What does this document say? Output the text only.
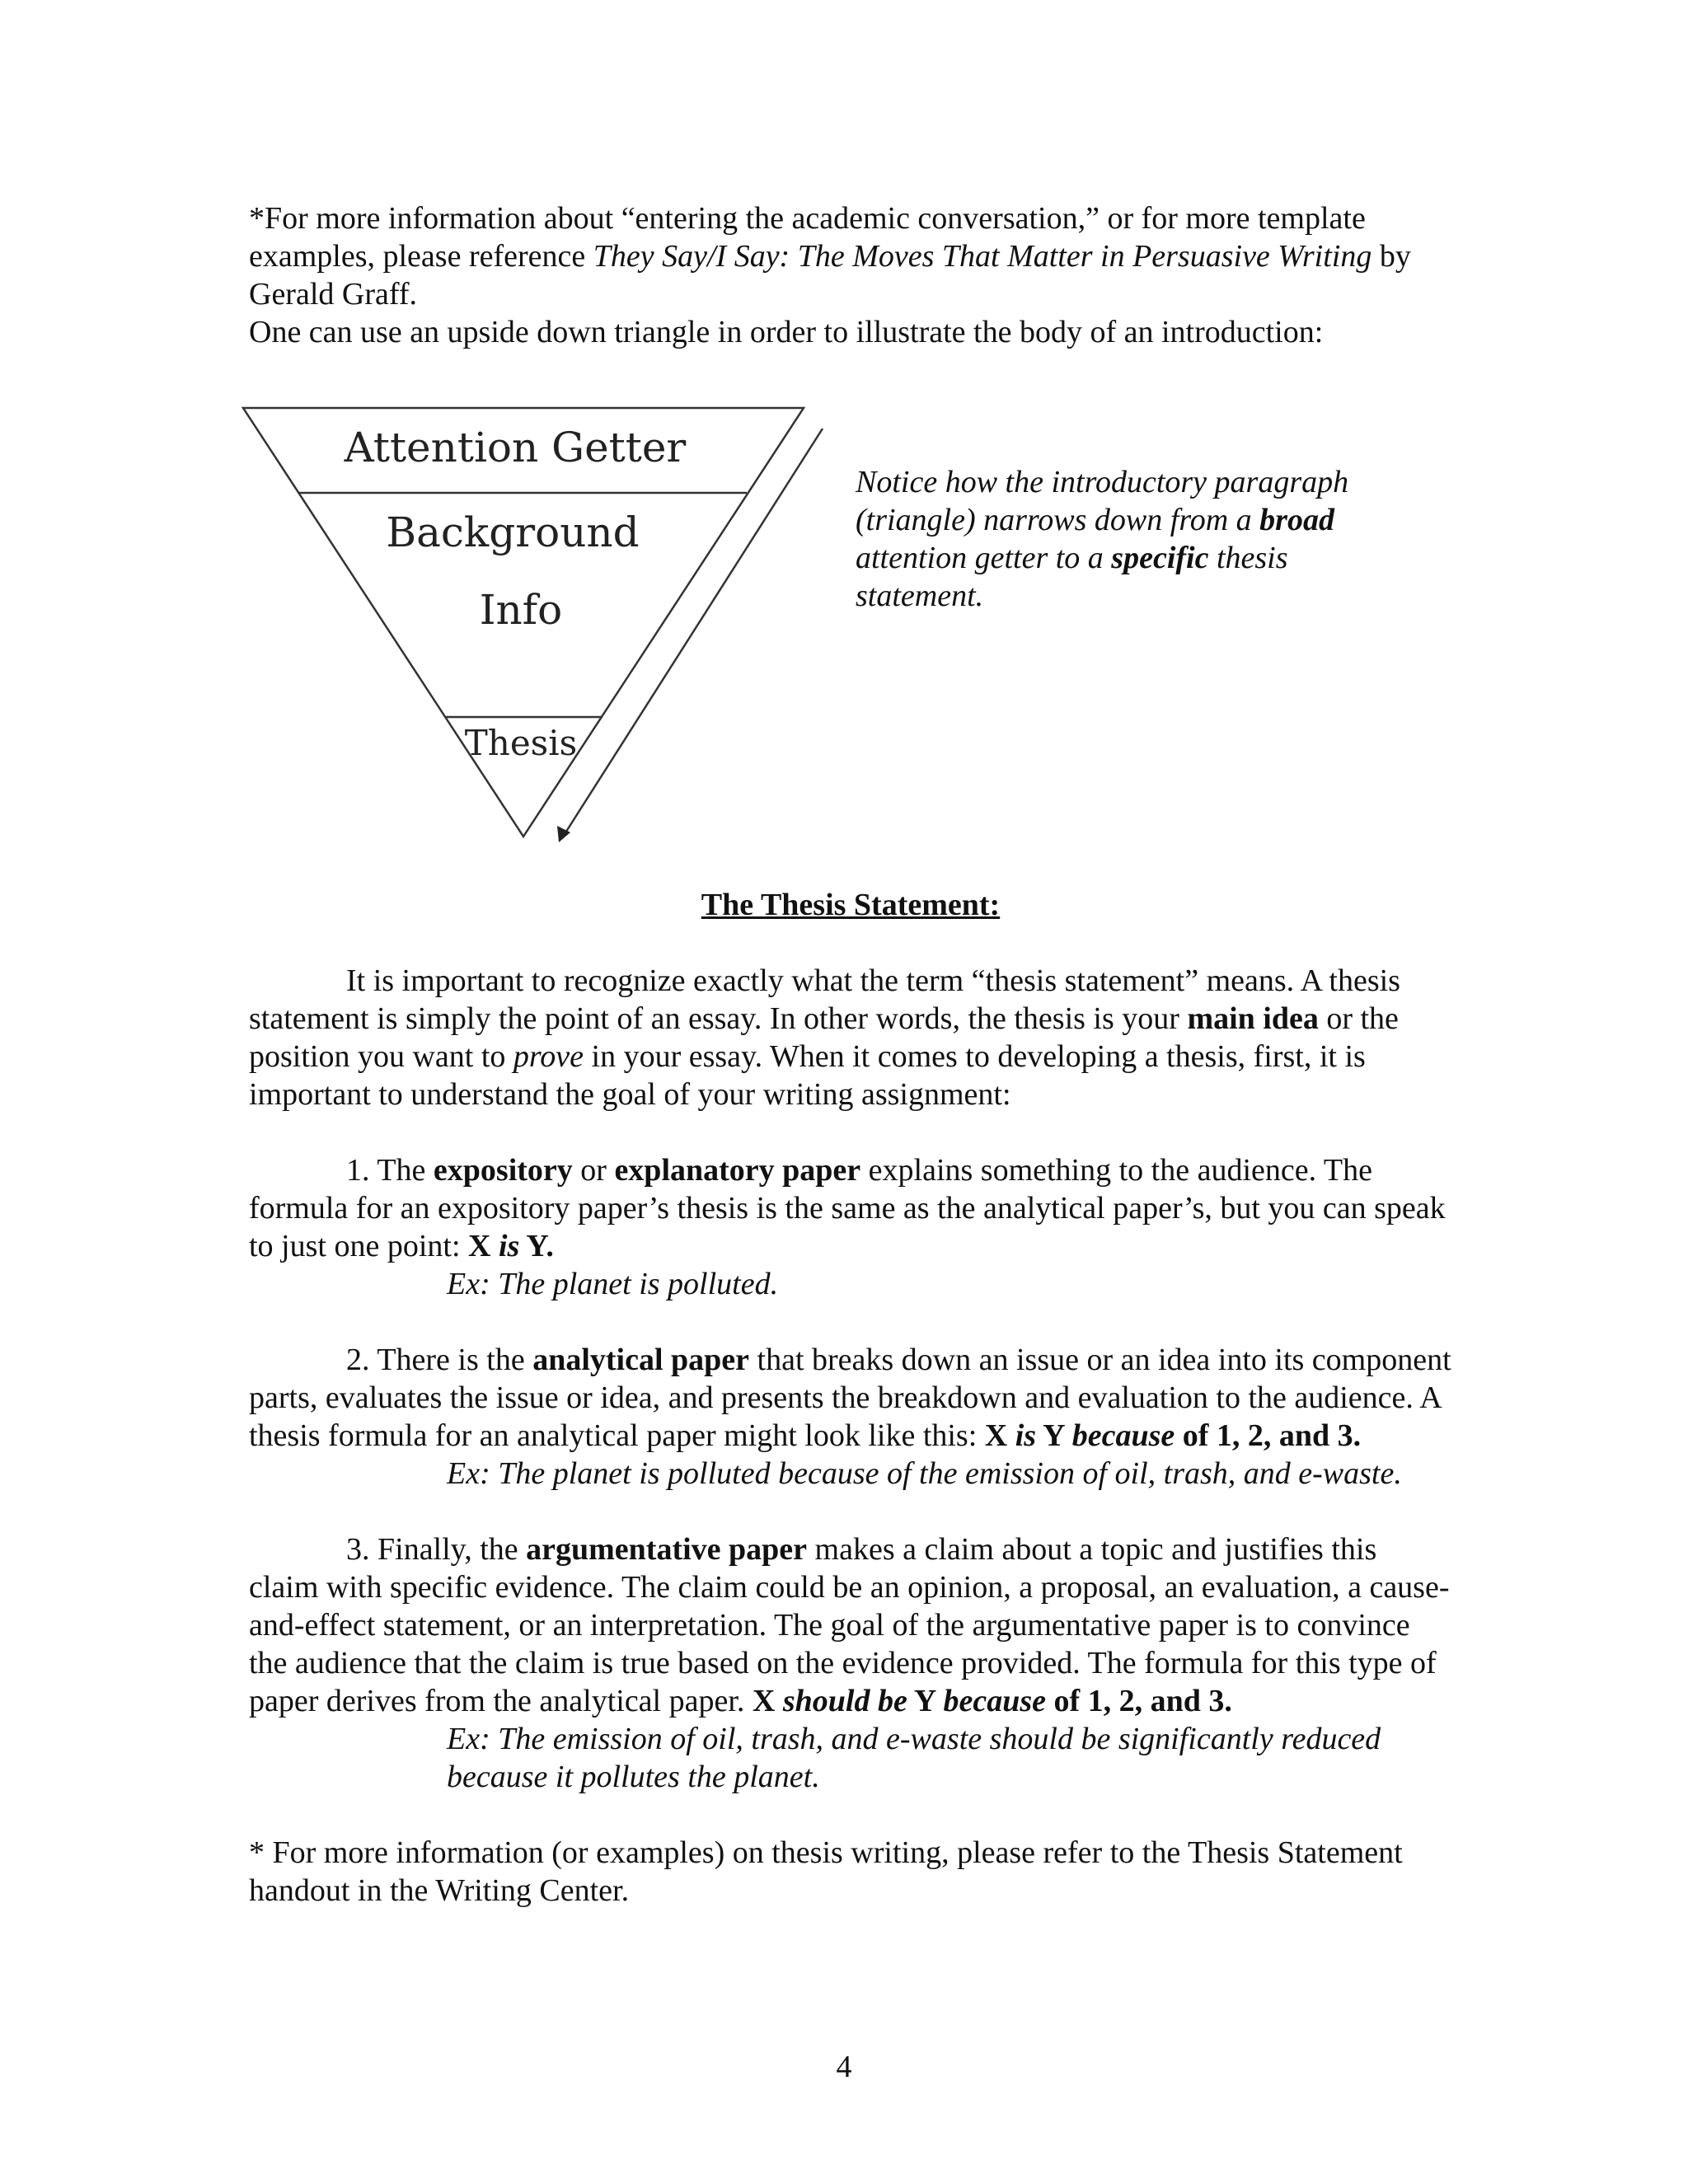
*For more information about “entering the academic conversation,” or for more template examples, please reference They Say/I Say: The Moves That Matter in Persuasive Writing by Gerald Graff.

One can use an upside down triangle in order to illustrate the body of an introduction:

Attention Getter
Background
Info
Thesis

Notice how the introductory paragraph (triangle) narrows down from a broad attention getter to a specific thesis statement.

The Thesis Statement:

It is important to recognize exactly what the term “thesis statement” means. A thesis statement is simply the point of an essay. In other words, the thesis is your main idea or the position you want to prove in your essay. When it comes to developing a thesis, first, it is important to understand the goal of your writing assignment:

1. The expository or explanatory paper explains something to the audience. The formula for an expository paper’s thesis is the same as the analytical paper’s, but you can speak to just one point: X is Y.

Ex: The planet is polluted.

2. There is the analytical paper that breaks down an issue or an idea into its component parts, evaluates the issue or idea, and presents the breakdown and evaluation to the audience. A thesis formula for an analytical paper might look like this: X is Y because of 1, 2, and 3.

Ex: The planet is polluted because of the emission of oil, trash, and e-waste.

3. Finally, the argumentative paper makes a claim about a topic and justifies this claim with specific evidence. The claim could be an opinion, a proposal, an evaluation, a cause-and-effect statement, or an interpretation. The goal of the argumentative paper is to convince the audience that the claim is true based on the evidence provided. The formula for this type of paper derives from the analytical paper. X should be Y because of 1, 2, and 3.

Ex: The emission of oil, trash, and e-waste should be significantly reduced because it pollutes the planet.

* For more information (or examples) on thesis writing, please refer to the Thesis Statement handout in the Writing Center.

4
